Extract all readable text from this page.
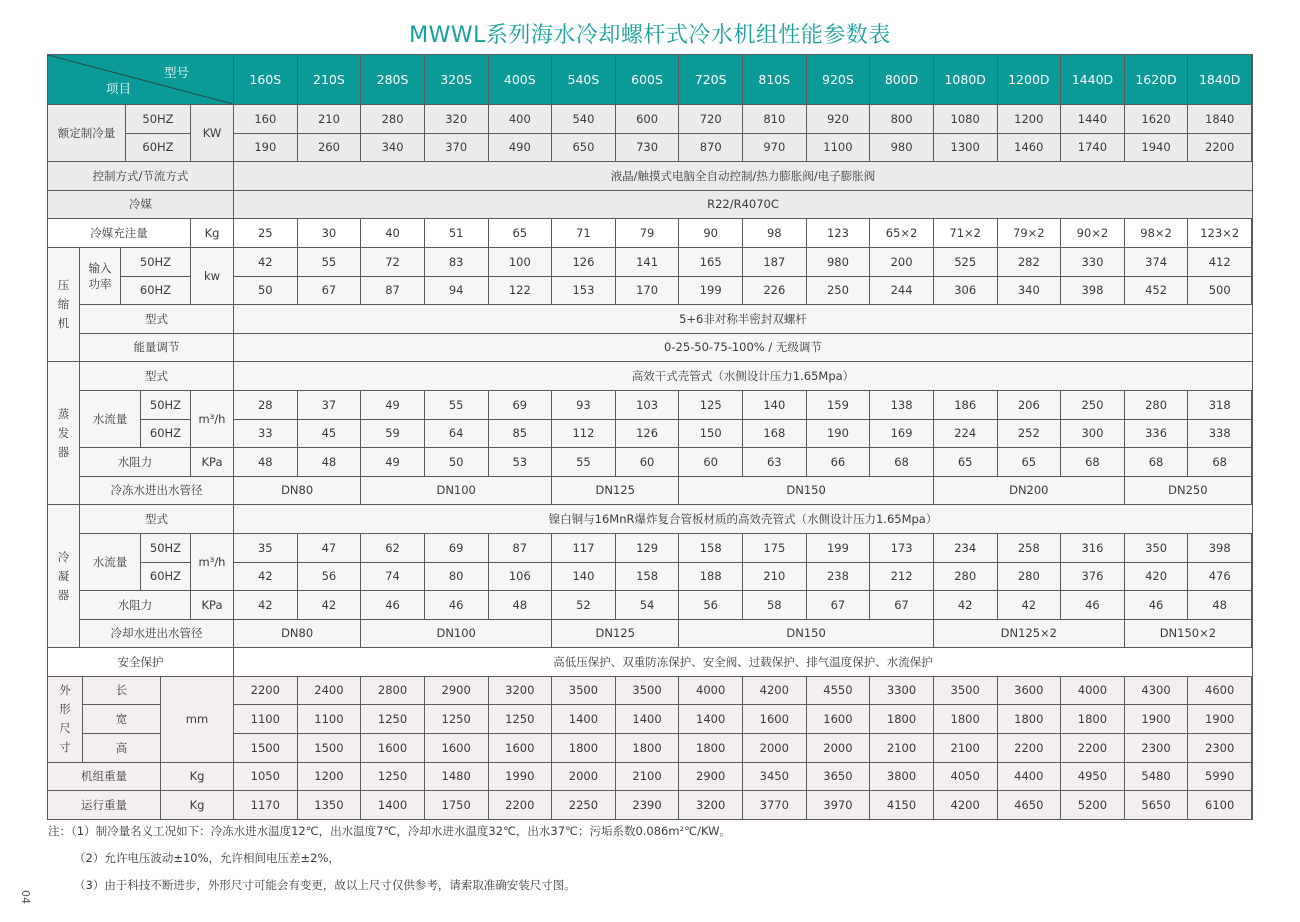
MWWL系列海水冷却螺杆式冷水机组性能参数表
型号
项目
160S	210S	280S	320S	400S	540S	600S	720S	810S	920S 800D 1080D 1200D 1440D 1620D 1840D
额定制冷量
50HZ
60HZ
KW
160	210	280	320	400	540	600	720	810	920	800	1080	1200	1440	1620	1840
190	260	340	370	490	650	730	870	970	1100	980	1300	1460	1740	1940	2200
控制方式/节流方式	液晶/触摸式电脑全自动控制/热力膨胀阀/电子膨胀阀
冷媒	R22/R4070C
冷媒充注量	Kg	25	30	40	51	65	71	79	90	98	123	65×2	71×2	79×2	90×2	98×2 123×2
压缩机
输入功率
50HZ
60HZ
kw
42	55	72	83	100	126	141	165	187	980	200	525	282	330	374	412
50	67	87	94	122	153	170	199	226	250	244	306	340	398	452	500
型式	5+6非对称半密封双螺杆
能量调节	0-25-50-75-100% / 无级调节
蒸发器
型式	高效干式壳管式（水侧设计压力1.65Mpa）
水流量
50HZ
60HZ
m³/h
28	37	49	55	69	93	103	125	140	159	138	186	206	250	280	318
33	45	59	64	85	112	126	150	168	190	169	224	252	300	336	338
水阻力	KPa	48	48	49	50	53	55	60	60	63	66	68	65	65	68	68	68
冷冻水进出水管径	DN80	DN100	DN125	DN150	DN200	DN250
冷凝器
型式	镍白铜与16MnR爆炸复合管板材质的高效壳管式（水侧设计压力1.65Mpa）
水流量
50HZ
60HZ
m³/h
35	47	62	69	87	117	129	158	175	199	173	234	258	316	350	398
42	56	74	80	106	140	158	188	210	238	212	280	280	376	420	476
水阻力	KPa	42	42	46	46	48	52	54	56	58	67	67	42	42	46	46	48
冷却水进出水管径	DN80	DN100	DN125	DN150	DN125×2	DN150×2
安全保护	高低压保护、双重防冻保护、安全阀、过载保护、排气温度保护、水流保护
外形尺寸
长
宽
高
mm
2200	2400	2800	2900	3200	3500	3500	4000	4200	4550	3300	3500	3600	4000	4300	4600
1100	1100	1250	1250	1250	1400	1400	1400	1600	1600	1800	1800	1800	1800	1900	1900
1500	1500	1600	1600	1600	1800	1800	1800	2000	2000	2100	2100	2200	2200	2300	2300
机组重量	Kg	1050	1200	1250	1480	1990	2000	2100	2900	3450	3650	3800	4050	4400	4950	5480	5990
运行重量	Kg	1170	1350	1400	1750	2200	2250	2390	3200	3770	3970	4150	4200	4650	5200	5650	6100
注：（1）制冷量名义工况如下：冷冻水进水温度12℃，出水温度7℃，冷却水进水温度32℃，出水37℃；污垢系数0.086m²℃/KW。
（2）允许电压波动±10%，允许相间电压差±2%，
（3）由于科技不断进步，外形尺寸可能会有变更，故以上尺寸仅供参考，请索取准确安装尺寸图。
04
